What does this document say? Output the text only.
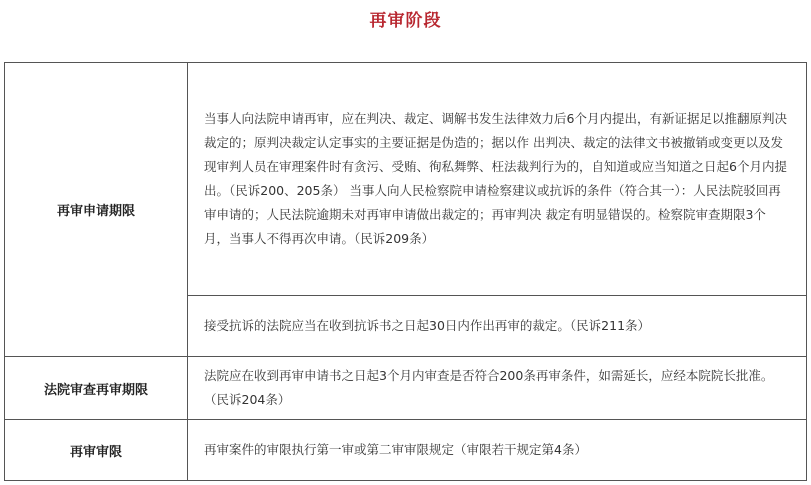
再审阶段
再审申请期限	当事人向法院申请再审，应在判决、裁定、调解书发生法律效力后6个月内提出，有新证据足以推翻原判决裁定的；原判决裁定认定事实的主要证据是伪造的；据以作 出判决、裁定的法律文书被撤销或变更以及发现审判人员在审理案件时有贪污、受贿、徇私舞弊、枉法裁判行为的，自知道或应当知道之日起6个月内提出。（民诉200、205条） 当事人向人民检察院申请检察建议或抗诉的条件（符合其一）：人民法院驳回再审申请的；人民法院逾期未对再审申请做出裁定的；再审判决 裁定有明显错误的。检察院审查期限3个月，当事人不得再次申请。（民诉209条）

	接受抗诉的法院应当在收到抗诉书之日起30日内作出再审的裁定。（民诉211条）

法院审查再审期限	法院应在收到再审申请书之日起3个月内审查是否符合200条再审条件，如需延长，应经本院院长批准。（民诉204条）

再审审限	再审案件的审限执行第一审或第二审审限规定（审限若干规定第4条）
